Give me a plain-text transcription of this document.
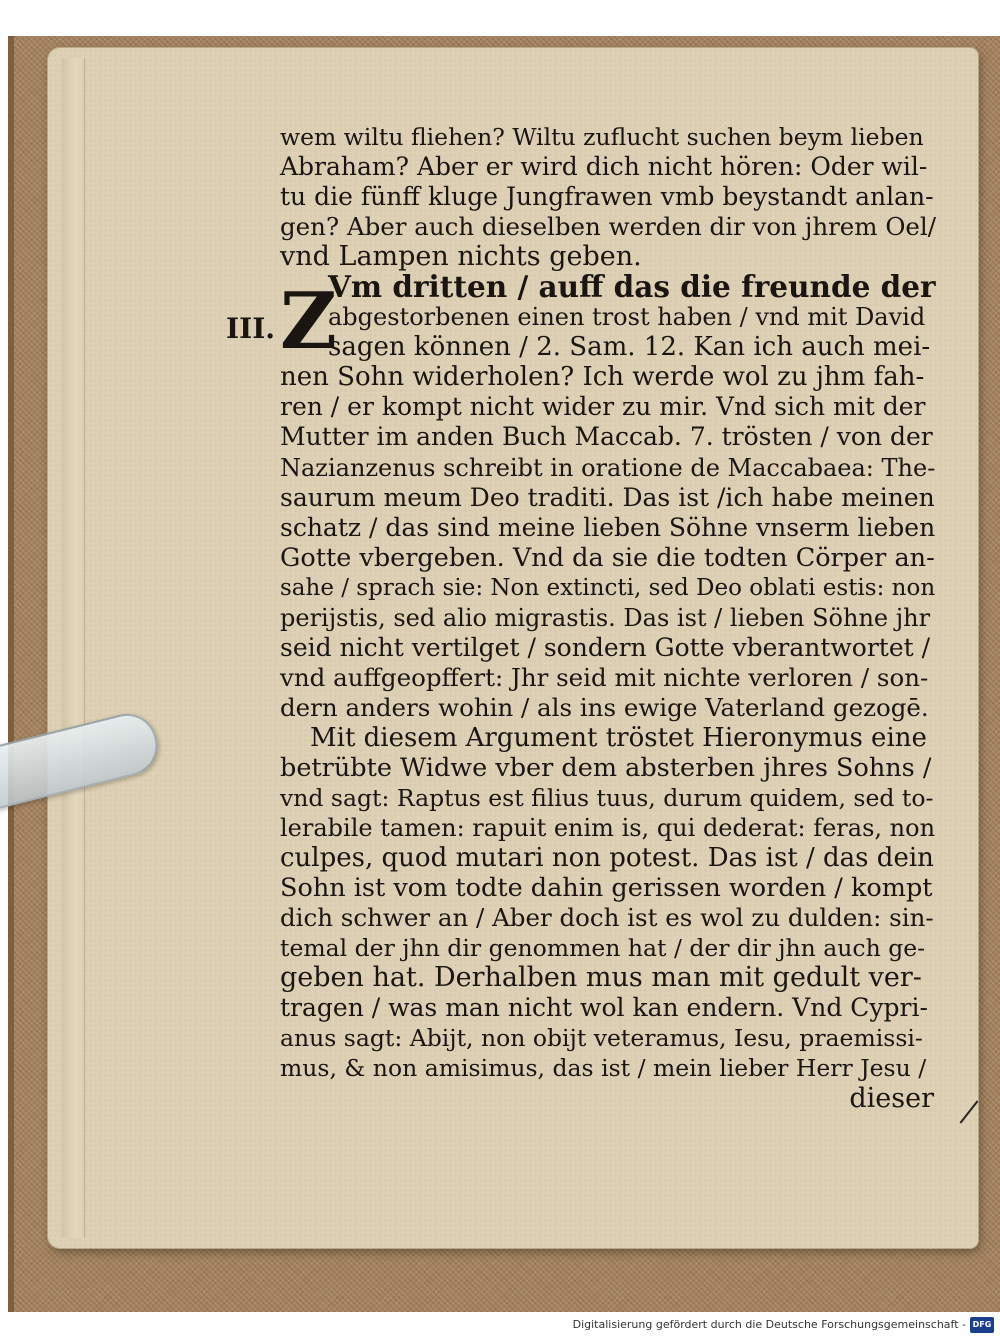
III.
wem wiltu fliehen? Wiltu zuflucht suchen beym lieben
Abraham? Aber er wird dich nicht hören: Oder wil-
tu die fünff kluge Jungfrawen vmb beystandt anlan-
gen? Aber auch dieselben werden dir von jhrem Oel/
vnd Lampen nichts geben.
Z
Vm dritten / auff das die freunde der
abgestorbenen einen trost haben / vnd mit David
sagen können / 2. Sam. 12. Kan ich auch mei-
nen Sohn widerholen? Ich werde wol zu jhm fah-
ren / er kompt nicht wider zu mir. Vnd sich mit der
Mutter im anden Buch Maccab. 7. trösten / von der
Nazianzenus schreibt in oratione de Maccabaea: The-
saurum meum Deo traditi. Das ist /ich habe meinen
schatz / das sind meine lieben Söhne vnserm lieben
Gotte vbergeben. Vnd da sie die todten Cörper an-
sahe / sprach sie: Non extincti, sed Deo oblati estis: non
perijstis, sed alio migrastis. Das ist / lieben Söhne jhr
seid nicht vertilget / sondern Gotte vberantwortet /
vnd auffgeopffert: Jhr seid mit nichte verloren / son-
dern anders wohin / als ins ewige Vaterland gezogē.
Mit diesem Argument tröstet Hieronymus eine
betrübte Widwe vber dem absterben jhres Sohns /
vnd sagt: Raptus est filius tuus, durum quidem, sed to-
lerabile tamen: rapuit enim is, qui dederat: feras, non
culpes, quod mutari non potest. Das ist / das dein
Sohn ist vom todte dahin gerissen worden / kompt
dich schwer an / Aber doch ist es wol zu dulden: sin-
temal der jhn dir genommen hat / der dir jhn auch ge-
geben hat. Derhalben mus man mit gedult ver-
tragen / was man nicht wol kan endern. Vnd Cypri-
anus sagt: Abijt, non obijt veteramus, Iesu, praemissi-
mus, & non amisimus, das ist / mein lieber Herr Jesu /
dieser
Digitalisierung gefördert durch die Deutsche Forschungsgemeinschaft - DFG
